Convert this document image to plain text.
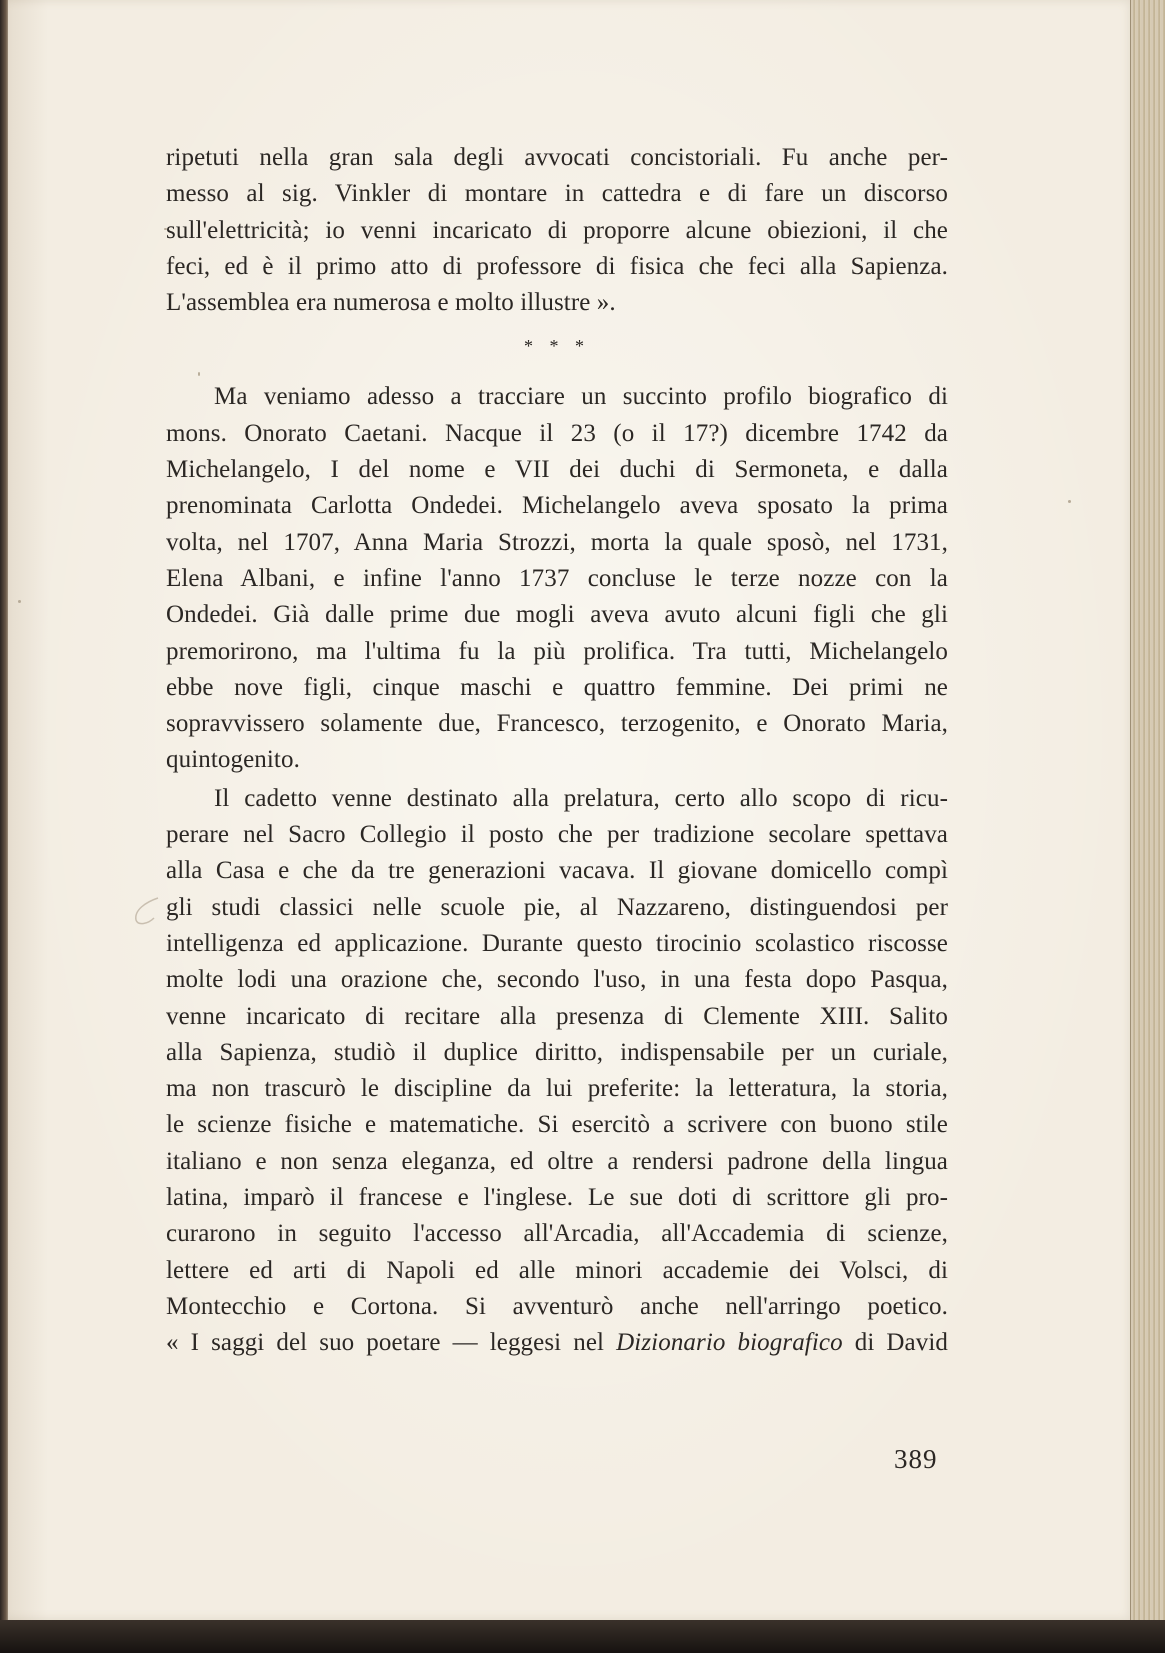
ripetuti nella gran sala degli avvocati concistoriali. Fu anche per-
messo al sig. Vinkler di montare in cattedra e di fare un discorso
sull'elettricità; io venni incaricato di proporre alcune obiezioni, il che
feci, ed è il primo atto di professore di fisica che feci alla Sapienza.
L'assemblea era numerosa e molto illustre ».
* * *
Ma veniamo adesso a tracciare un succinto profilo biografico di
mons. Onorato Caetani. Nacque il 23 (o il 17?) dicembre 1742 da
Michelangelo, I del nome e VII dei duchi di Sermoneta, e dalla
prenominata Carlotta Ondedei. Michelangelo aveva sposato la prima
volta, nel 1707, Anna Maria Strozzi, morta la quale sposò, nel 1731,
Elena Albani, e infine l'anno 1737 concluse le terze nozze con la
Ondedei. Già dalle prime due mogli aveva avuto alcuni figli che gli
premorirono, ma l'ultima fu la più prolifica. Tra tutti, Michelangelo
ebbe nove figli, cinque maschi e quattro femmine. Dei primi ne
sopravvissero solamente due, Francesco, terzogenito, e Onorato Maria,
quintogenito.
Il cadetto venne destinato alla prelatura, certo allo scopo di ricu-
perare nel Sacro Collegio il posto che per tradizione secolare spettava
alla Casa e che da tre generazioni vacava. Il giovane domicello compì
gli studi classici nelle scuole pie, al Nazzareno, distinguendosi per
intelligenza ed applicazione. Durante questo tirocinio scolastico riscosse
molte lodi una orazione che, secondo l'uso, in una festa dopo Pasqua,
venne incaricato di recitare alla presenza di Clemente XIII. Salito
alla Sapienza, studiò il duplice diritto, indispensabile per un curiale,
ma non trascurò le discipline da lui preferite: la letteratura, la storia,
le scienze fisiche e matematiche. Si esercitò a scrivere con buono stile
italiano e non senza eleganza, ed oltre a rendersi padrone della lingua
latina, imparò il francese e l'inglese. Le sue doti di scrittore gli pro-
curarono in seguito l'accesso all'Arcadia, all'Accademia di scienze,
lettere ed arti di Napoli ed alle minori accademie dei Volsci, di
Montecchio e Cortona. Si avventurò anche nell'arringo poetico.
« I saggi del suo poetare — leggesi nel Dizionario biografico di David
389
